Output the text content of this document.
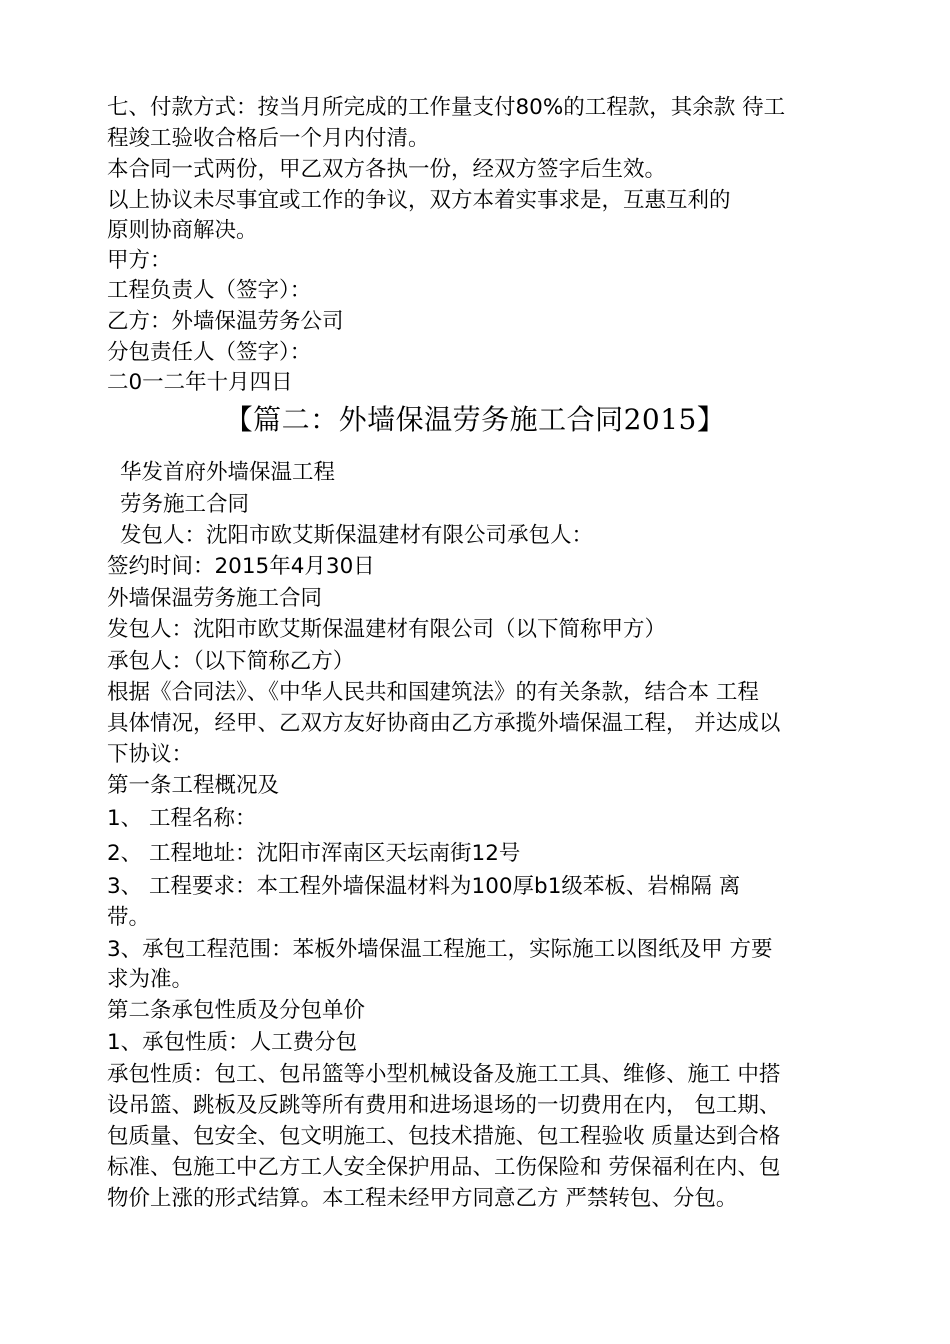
七、付款方式：按当月所完成的工作量支付80%的工程款，其余款 待工
程竣工验收合格后一个月内付清。
本合同一式两份，甲乙双方各执一份，经双方签字后生效。
以上协议未尽事宜或工作的争议，双方本着实事求是，互惠互利的
原则协商解决。
甲方：
工程负责人（签字）：
乙方：外墙保温劳务公司
分包责任人（签字）：
二0一二年十月四日
【篇二：外墙保温劳务施工合同2015】
华发首府外墙保温工程
劳务施工合同
发包人：沈阳市欧艾斯保温建材有限公司承包人：
签约时间：2015年4月30日
外墙保温劳务施工合同
发包人：沈阳市欧艾斯保温建材有限公司（以下简称甲方）
承包人：（以下简称乙方）
根据《合同法》、《中华人民共和国建筑法》的有关条款，结合本 工程
具体情况，经甲、乙双方友好协商由乙方承揽外墙保温工程， 并达成以
下协议：
第一条工程概况及
1、 工程名称：
2、 工程地址：沈阳市浑南区天坛南街12号
3、 工程要求：本工程外墙保温材料为100厚b1级苯板、岩棉隔 离
带。
3、承包工程范围：苯板外墙保温工程施工，实际施工以图纸及甲 方要
求为准。
第二条承包性质及分包单价
1、承包性质：人工费分包
承包性质：包工、包吊篮等小型机械设备及施工工具、维修、施工 中搭
设吊篮、跳板及反跳等所有费用和进场退场的一切费用在内， 包工期、
包质量、包安全、包文明施工、包技术措施、包工程验收 质量达到合格
标准、包施工中乙方工人安全保护用品、工伤保险和 劳保福利在内、包
物价上涨的形式结算。本工程未经甲方同意乙方 严禁转包、分包。
